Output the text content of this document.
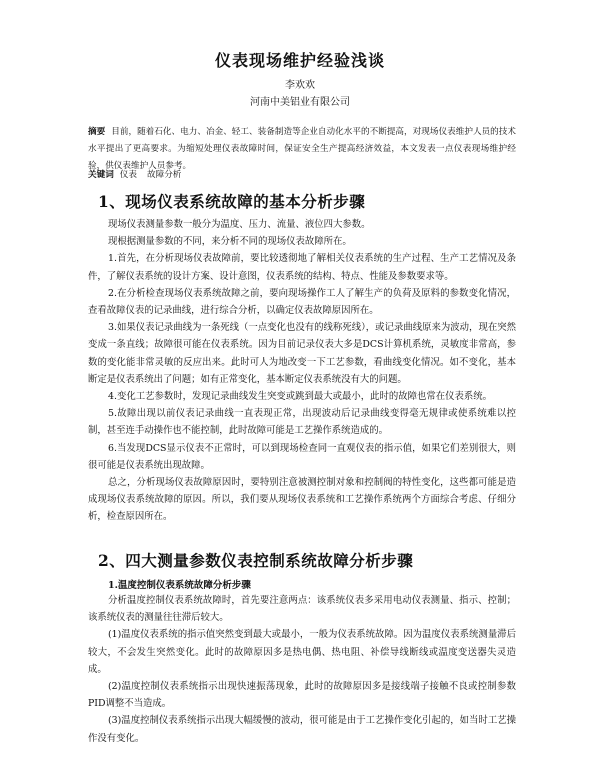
仪表现场维护经验浅谈
李欢欢
河南中美铝业有限公司
摘要 目前，随着石化、电力、冶金、轻工、装备制造等企业自动化水平的不断提高，对现场仪表维护人员的技术水平提出了更高要求。为缩短处理仪表故障时间，保证安全生产提高经济效益，本文发表一点仪表现场维护经验，供仪表维护人员参考。
关键词 仪表 故障分析
1、现场仪表系统故障的基本分析步骤

现场仪表测量参数一般分为温度、压力、流量、液位四大参数。

现根据测量参数的不同，来分析不同的现场仪表故障所在。

1.首先，在分析现场仪表故障前，要比较透彻地了解相关仪表系统的生产过程、生产工艺情况及条件，了解仪表系统的设计方案、设计意图，仪表系统的结构、特点、性能及参数要求等。

2.在分析检查现场仪表系统故障之前，要向现场操作工人了解生产的负荷及原料的参数变化情况，查看故障仪表的记录曲线，进行综合分析，以确定仪表故障原因所在。

3.如果仪表记录曲线为一条死线（一点变化也没有的线称死线），或记录曲线原来为波动，现在突然变成一条直线；故障很可能在仪表系统。因为目前记录仪表大多是DCS计算机系统，灵敏度非常高，参数的变化能非常灵敏的反应出来。此时可人为地改变一下工艺参数，看曲线变化情况。如不变化，基本断定是仪表系统出了问题；如有正常变化，基本断定仪表系统没有大的问题。

4.变化工艺参数时，发现记录曲线发生突变或跳到最大或最小，此时的故障也常在仪表系统。

5.故障出现以前仪表记录曲线一直表现正常，出现波动后记录曲线变得毫无规律或使系统难以控制，甚至连手动操作也不能控制，此时故障可能是工艺操作系统造成的。

6.当发现DCS显示仪表不正常时，可以到现场检查同一直观仪表的指示值，如果它们差别很大，则很可能是仪表系统出现故障。

总之，分析现场仪表故障原因时，要特别注意被测控制对象和控制阀的特性变化，这些都可能是造成现场仪表系统故障的原因。所以，我们要从现场仪表系统和工艺操作系统两个方面综合考虑、仔细分析，检查原因所在。

2、四大测量参数仪表控制系统故障分析步骤
1.温度控制仪表系统故障分析步骤

分析温度控制仪表系统故障时，首先要注意两点：该系统仪表多采用电动仪表测量、指示、控制；该系统仪表的测量往往滞后较大。

(1)温度仪表系统的指示值突然变到最大或最小，一般为仪表系统故障。因为温度仪表系统测量滞后较大，不会发生突然变化。此时的故障原因多是热电偶、热电阻、补偿导线断线或温度变送器失灵造成。

(2)温度控制仪表系统指示出现快速振荡现象，此时的故障原因多是接线端子接触不良或控制参数PID调整不当造成。

(3)温度控制仪表系统指示出现大幅缓慢的波动，很可能是由于工艺操作变化引起的，如当时工艺操作没有变化。
